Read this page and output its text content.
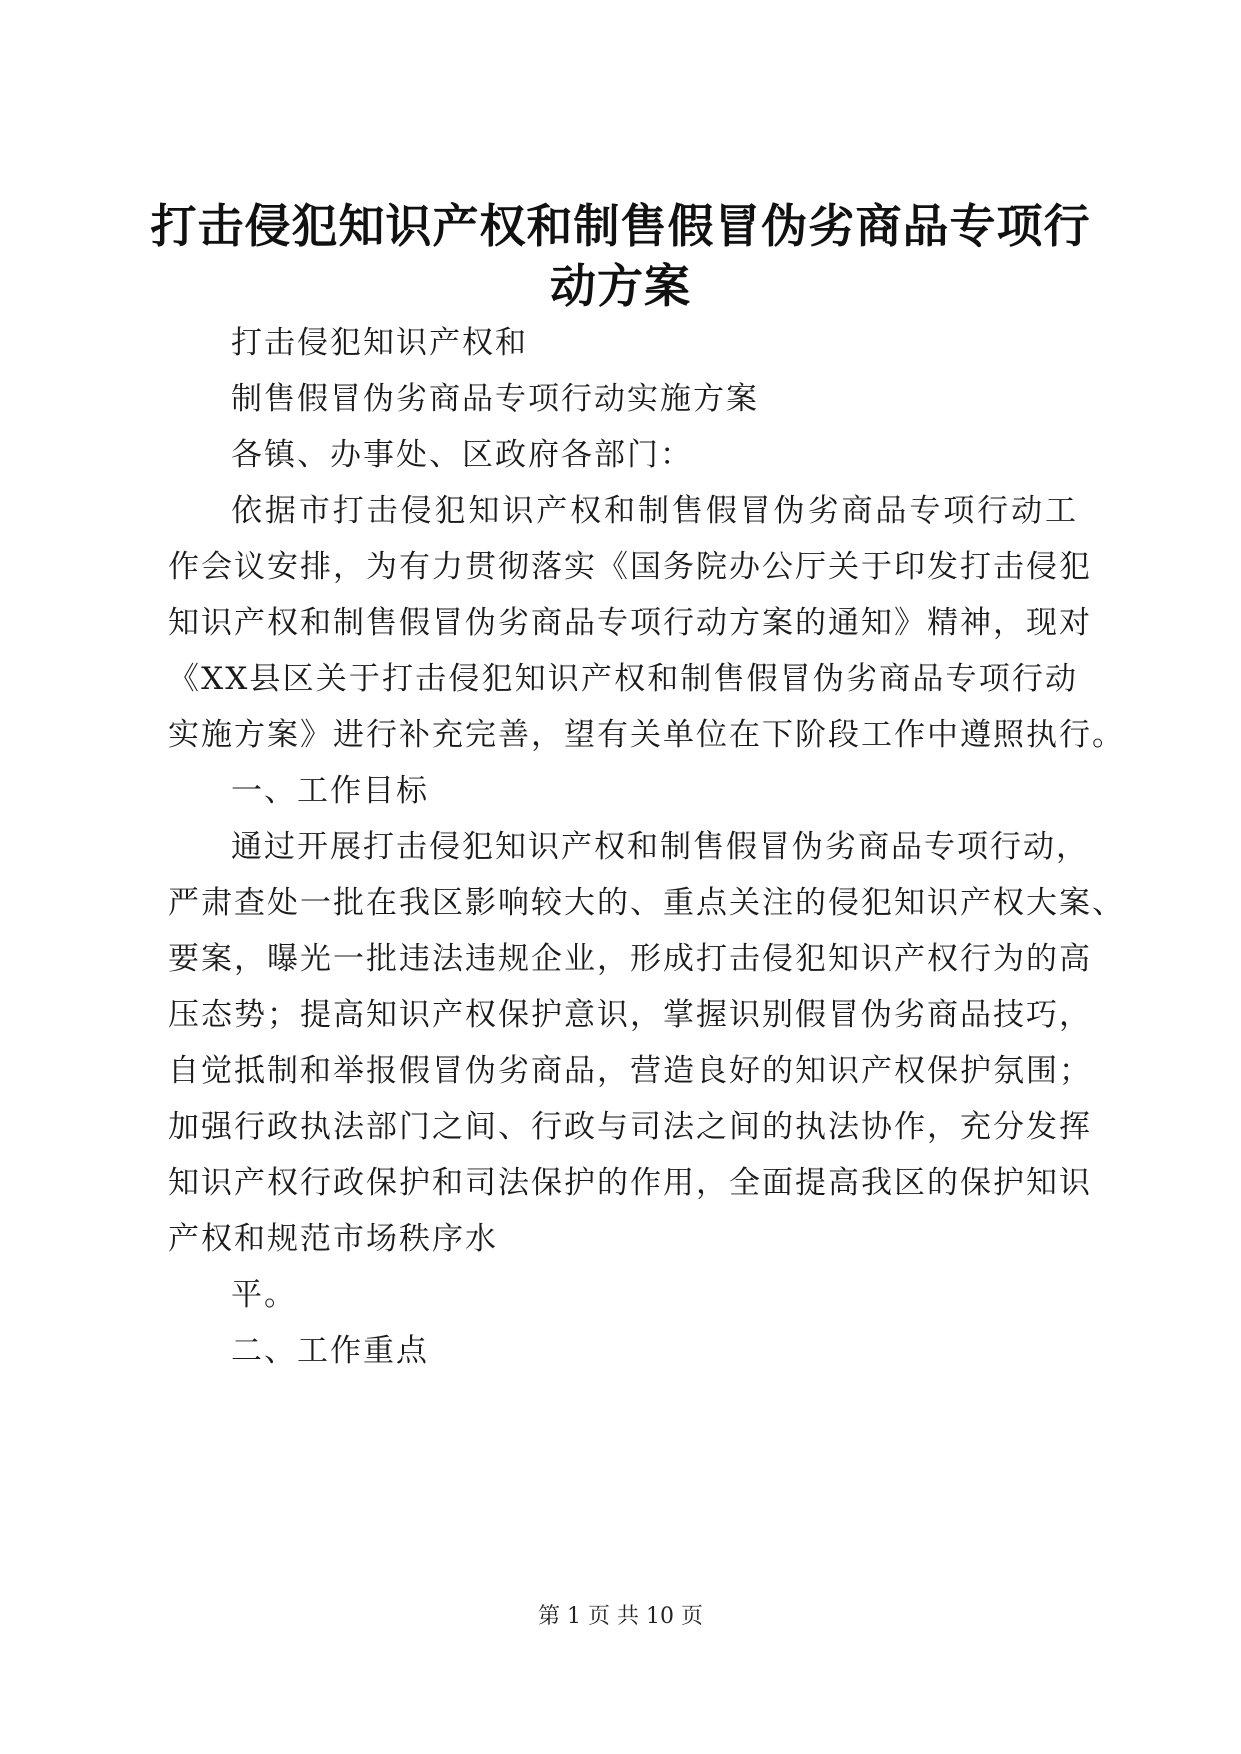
打击侵犯知识产权和制售假冒伪劣商品专项行
动方案
打击侵犯知识产权和
制售假冒伪劣商品专项行动实施方案
各镇、办事处、区政府各部门：
依据市打击侵犯知识产权和制售假冒伪劣商品专项行动工
作会议安排，为有力贯彻落实《国务院办公厅关于印发打击侵犯
知识产权和制售假冒伪劣商品专项行动方案的通知》精神，现对
《XX县区关于打击侵犯知识产权和制售假冒伪劣商品专项行动
实施方案》进行补充完善，望有关单位在下阶段工作中遵照执行。
一、工作目标
通过开展打击侵犯知识产权和制售假冒伪劣商品专项行动，
严肃查处一批在我区影响较大的、重点关注的侵犯知识产权大案、
要案，曝光一批违法违规企业，形成打击侵犯知识产权行为的高
压态势；提高知识产权保护意识，掌握识别假冒伪劣商品技巧，
自觉抵制和举报假冒伪劣商品，营造良好的知识产权保护氛围；
加强行政执法部门之间、行政与司法之间的执法协作，充分发挥
知识产权行政保护和司法保护的作用，全面提高我区的保护知识
产权和规范市场秩序水
平。
二、工作重点
第 1 页 共 10 页
